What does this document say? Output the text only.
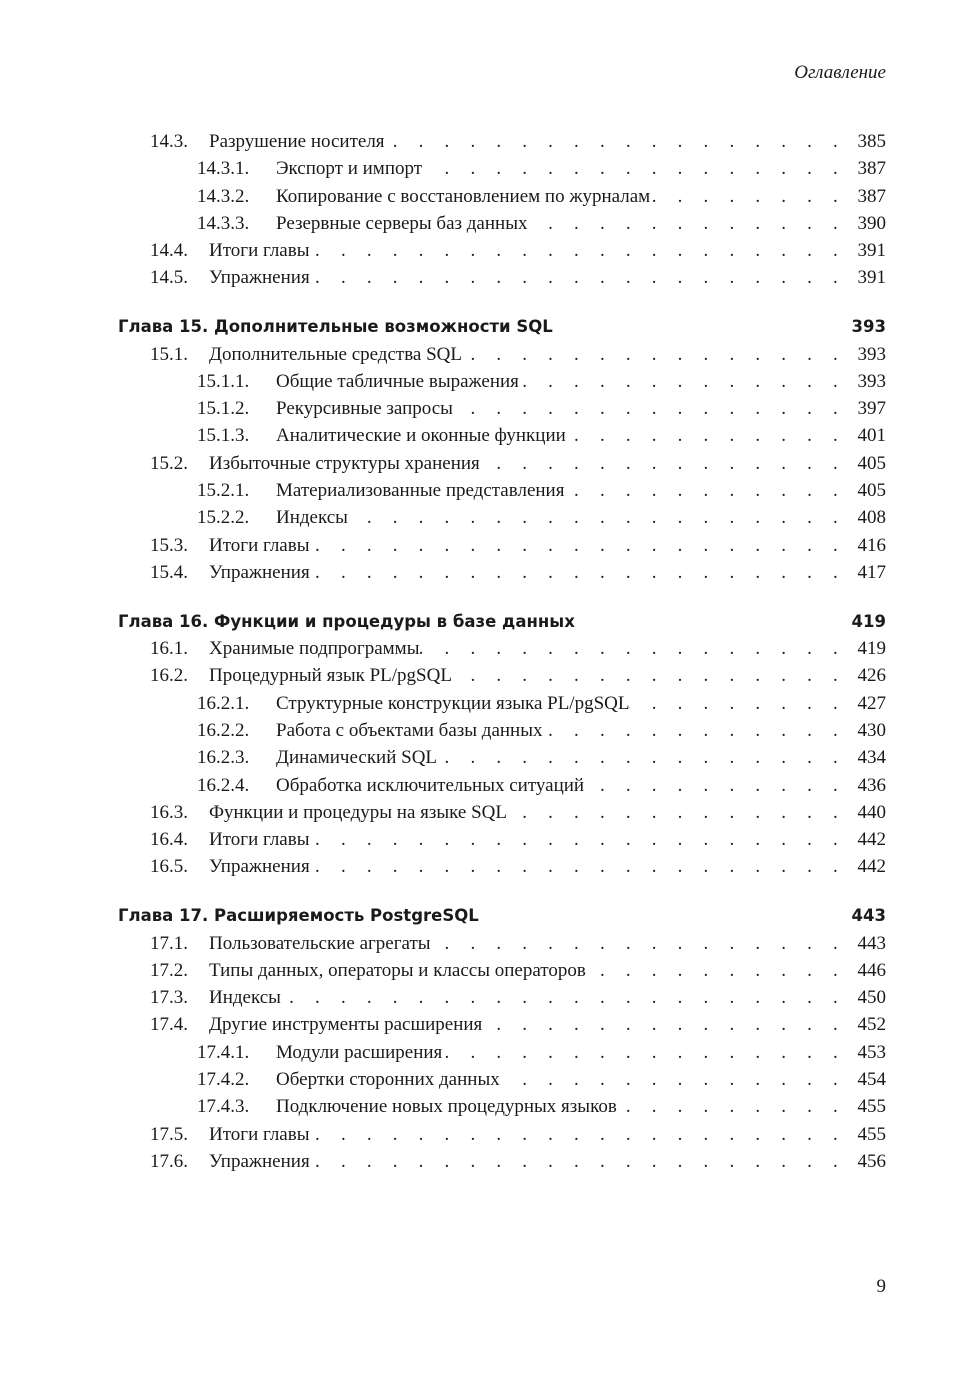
Оглавление
14.3.	Разрушение носителя . . .	385
14.3.1.	Экспорт и импорт . . .	387
14.3.2.	Копирование с восстановлением по журналам . . .	387
14.3.3.	Резервные серверы баз данных . . .	390
14.4.	Итоги главы . . .	391
14.5.	Упражнения . . .	391
Глава 15. Дополнительные возможности SQL	393
15.1.	Дополнительные средства SQL . . .	393
15.1.1.	Общие табличные выражения . . .	393
15.1.2.	Рекурсивные запросы . . .	397
15.1.3.	Аналитические и оконные функции . . .	401
15.2.	Избыточные структуры хранения . . .	405
15.2.1.	Материализованные представления . . .	405
15.2.2.	Индексы . . .	408
15.3.	Итоги главы . . .	416
15.4.	Упражнения . . .	417
Глава 16. Функции и процедуры в базе данных	419
16.1.	Хранимые подпрограммы . . .	419
16.2.	Процедурный язык PL/pgSQL . . .	426
16.2.1.	Структурные конструкции языка PL/pgSQL . . .	427
16.2.2.	Работа с объектами базы данных . . .	430
16.2.3.	Динамический SQL . . .	434
16.2.4.	Обработка исключительных ситуаций . . .	436
16.3.	Функции и процедуры на языке SQL . . .	440
16.4.	Итоги главы . . .	442
16.5.	Упражнения . . .	442
Глава 17. Расширяемость PostgreSQL	443
17.1.	Пользовательские агрегаты . . .	443
17.2.	Типы данных, операторы и классы операторов . . .	446
17.3.	Индексы . . .	450
17.4.	Другие инструменты расширения . . .	452
17.4.1.	Модули расширения . . .	453
17.4.2.	Обертки сторонних данных . . .	454
17.4.3.	Подключение новых процедурных языков . . .	455
17.5.	Итоги главы . . .	455
17.6.	Упражнения . . .	456
9
